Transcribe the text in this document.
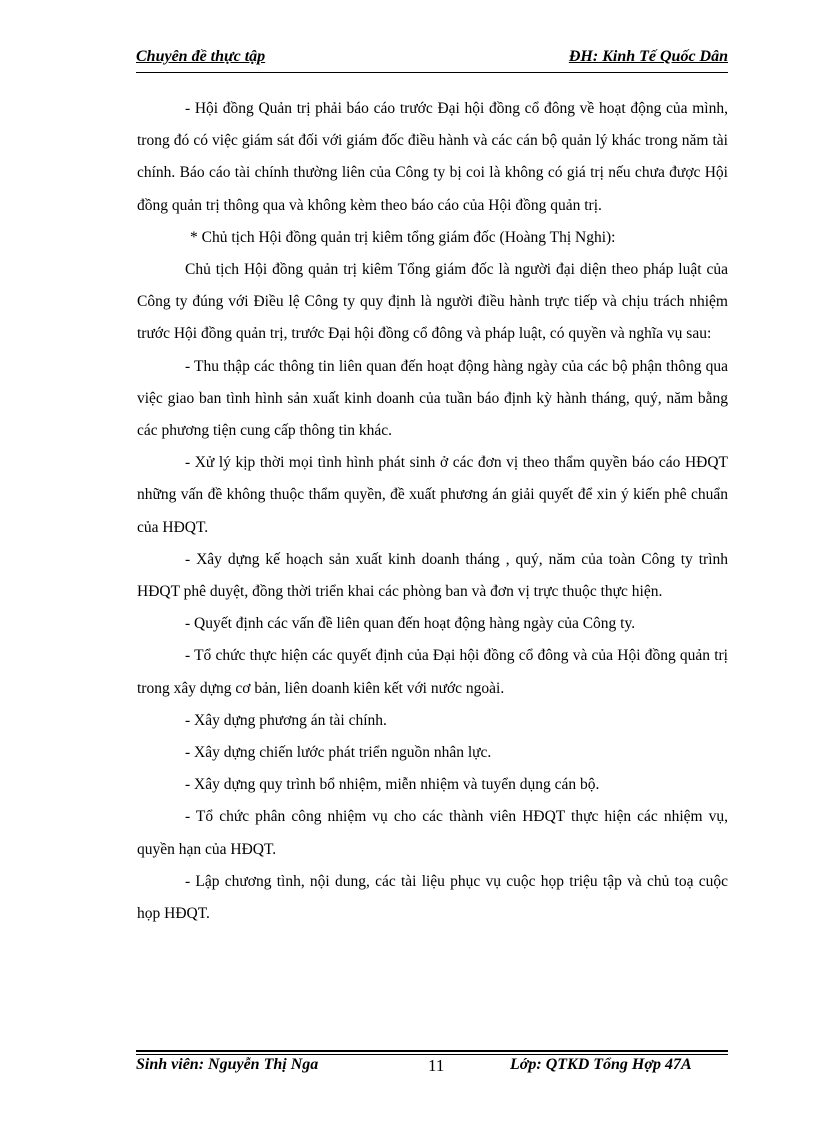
Chuyên đề thực tập	ĐH: Kinh Tế Quốc Dân

- Hội đồng Quản trị phải báo cáo trước Đại hội đồng cổ đông về hoạt động của mình, trong đó có việc giám sát đối với giám đốc điều hành và các cán bộ quản lý khác trong năm tài chính. Báo cáo tài chính thường liên của Công ty bị coi là không có giá trị nếu chưa được Hội đồng quản trị thông qua và không kèm theo báo cáo của Hội đồng quản trị.

* Chủ tịch Hội đồng quản trị kiêm tổng giám đốc (Hoàng Thị Nghi):

Chủ tịch Hội đồng quản trị kiêm Tổng giám đốc là người đại diện theo pháp luật của Công ty đúng với Điều lệ Công ty quy định là người điều hành trực tiếp và chịu trách nhiệm trước Hội đồng quản trị, trước Đại hội đồng cổ đông và pháp luật, có quyền và nghĩa vụ sau:

- Thu thập các thông tin liên quan đến hoạt động hàng ngày của các bộ phận thông qua việc giao ban tình hình sản xuất kinh doanh của tuần báo định kỳ hành tháng, quý, năm bằng các phương tiện cung cấp thông tin khác.

- Xử lý kịp thời mọi tình hình phát sinh ở các đơn vị theo thẩm quyền báo cáo HĐQT những vấn đề không thuộc thẩm quyền, đề xuất phương án giải quyết để xin ý kiến phê chuẩn của HĐQT.

- Xây dựng kế hoạch sản xuất kinh doanh tháng , quý, năm của toàn Công ty trình HĐQT phê duyệt, đồng thời triển khai các phòng ban và đơn vị trực thuộc thực hiện.

- Quyết định các vấn đề liên quan đến hoạt động hàng ngày của Công ty.

- Tổ chức thực hiện các quyết định của Đại hội đồng cổ đông và của Hội đồng quản trị trong xây dựng cơ bản, liên doanh kiên kết với nước ngoài.

- Xây dựng phương án tài chính.

- Xây dựng chiến lước phát triển nguồn nhân lực.

- Xây dựng quy trình bổ nhiệm, miễn nhiệm và tuyển dụng cán bộ.

- Tổ chức phân công nhiệm vụ cho các thành viên HĐQT thực hiện các nhiệm vụ, quyền hạn của HĐQT.

- Lập chương tình, nội dung, các tài liệu phục vụ cuộc họp triệu tập và chủ toạ cuộc họp HĐQT.

Sinh viên: Nguyễn Thị Nga	11	Lớp: QTKD Tổng Hợp 47A
